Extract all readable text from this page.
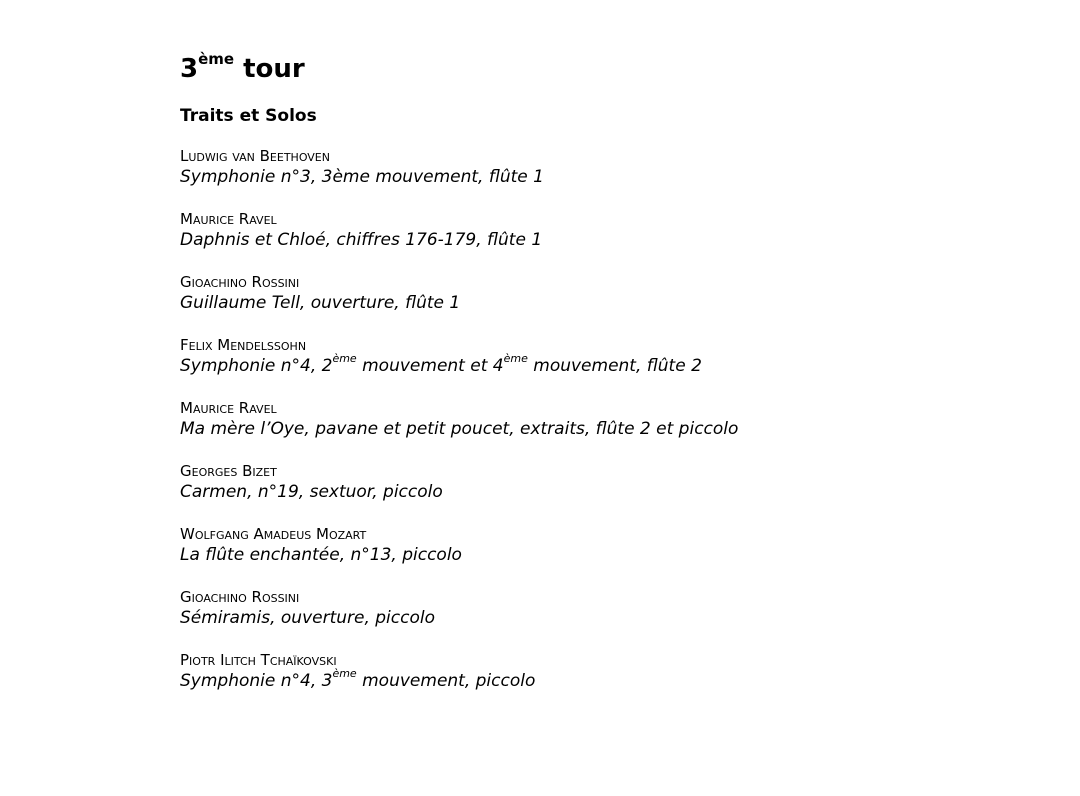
3ème tour
Traits et Solos
Ludwig van Beethoven
Symphonie n°3, 3ème mouvement, flûte 1
Maurice Ravel
Daphnis et Chloé, chiffres 176-179, flûte 1
Gioachino Rossini
Guillaume Tell, ouverture, flûte 1
Felix Mendelssohn
Symphonie n°4, 2ème mouvement et 4ème mouvement, flûte 2
Maurice Ravel
Ma mère l’Oye, pavane et petit poucet, extraits, flûte 2 et piccolo
Georges Bizet
Carmen, n°19, sextuor, piccolo
Wolfgang Amadeus Mozart
La flûte enchantée, n°13, piccolo
Gioachino Rossini
Sémiramis, ouverture, piccolo
Piotr Ilitch Tchaïkovski
Symphonie n°4, 3ème mouvement, piccolo
